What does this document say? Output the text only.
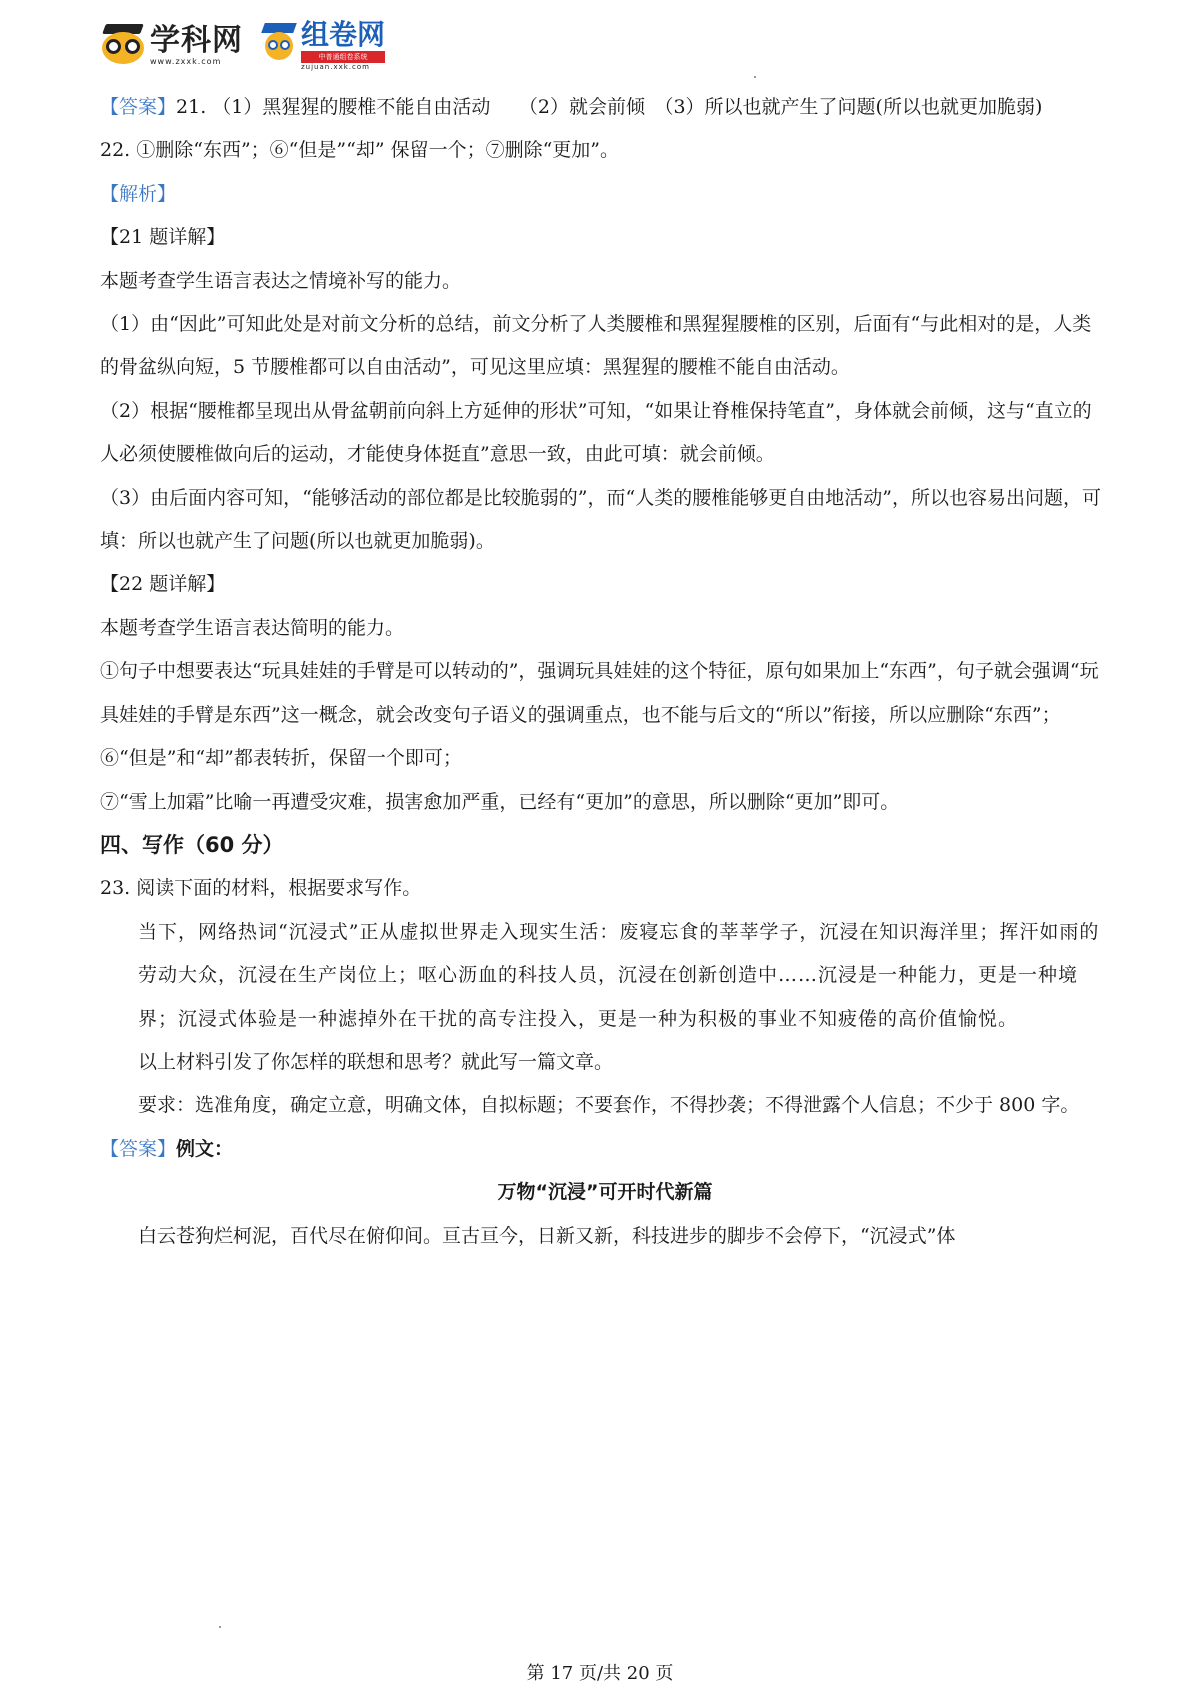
学科网
www.zxxk.com
组卷网
中普通组卷系统
zujuan.xxk.com

【答案】21. （1）黑猩猩的腰椎不能自由活动　　（2）就会前倾　（3）所以也就产生了问题(所以也就更加脆弱)

22. ①删除“东西”；⑥“但是”“却” 保留一个；⑦删除“更加”。

【解析】

【21 题详解】

本题考查学生语言表达之情境补写的能力。

（1）由“因此”可知此处是对前文分析的总结，前文分析了人类腰椎和黑猩猩腰椎的区别，后面有“与此相对的是，人类的骨盆纵向短，5 节腰椎都可以自由活动”，可见这里应填：黑猩猩的腰椎不能自由活动。

（2）根据“腰椎都呈现出从骨盆朝前向斜上方延伸的形状”可知，“如果让脊椎保持笔直”，身体就会前倾，这与“直立的人必须使腰椎做向后的运动，才能使身体挺直”意思一致，由此可填：就会前倾。

（3）由后面内容可知，“能够活动的部位都是比较脆弱的”，而“人类的腰椎能够更自由地活动”，所以也容易出问题，可填：所以也就产生了问题(所以也就更加脆弱)。

【22 题详解】

本题考查学生语言表达简明的能力。

①句子中想要表达“玩具娃娃的手臂是可以转动的”，强调玩具娃娃的这个特征，原句如果加上“东西”，句子就会强调“玩具娃娃的手臂是东西”这一概念，就会改变句子语义的强调重点，也不能与后文的“所以”衔接，所以应删除“东西”；

⑥“但是”和“却”都表转折，保留一个即可；

⑦“雪上加霜”比喻一再遭受灾难，损害愈加严重，已经有“更加”的意思，所以删除“更加”即可。

四、写作（60 分）

23. 阅读下面的材料，根据要求写作。

当下，网络热词“沉浸式”正从虚拟世界走入现实生活：废寝忘食的莘莘学子，沉浸在知识海洋里；挥汗如雨的劳动大众，沉浸在生产岗位上；呕心沥血的科技人员，沉浸在创新创造中……沉浸是一种能力，更是一种境界；沉浸式体验是一种滤掉外在干扰的高专注投入，更是一种为积极的事业不知疲倦的高价值愉悦。

以上材料引发了你怎样的联想和思考？就此写一篇文章。

要求：选准角度，确定立意，明确文体，自拟标题；不要套作，不得抄袭；不得泄露个人信息；不少于 800 字。

【答案】例文：

万物“沉浸”可开时代新篇

白云苍狗烂柯泥，百代尽在俯仰间。亘古亘今，日新又新，科技进步的脚步不会停下，“沉浸式”体

第 17 页/共 20 页
